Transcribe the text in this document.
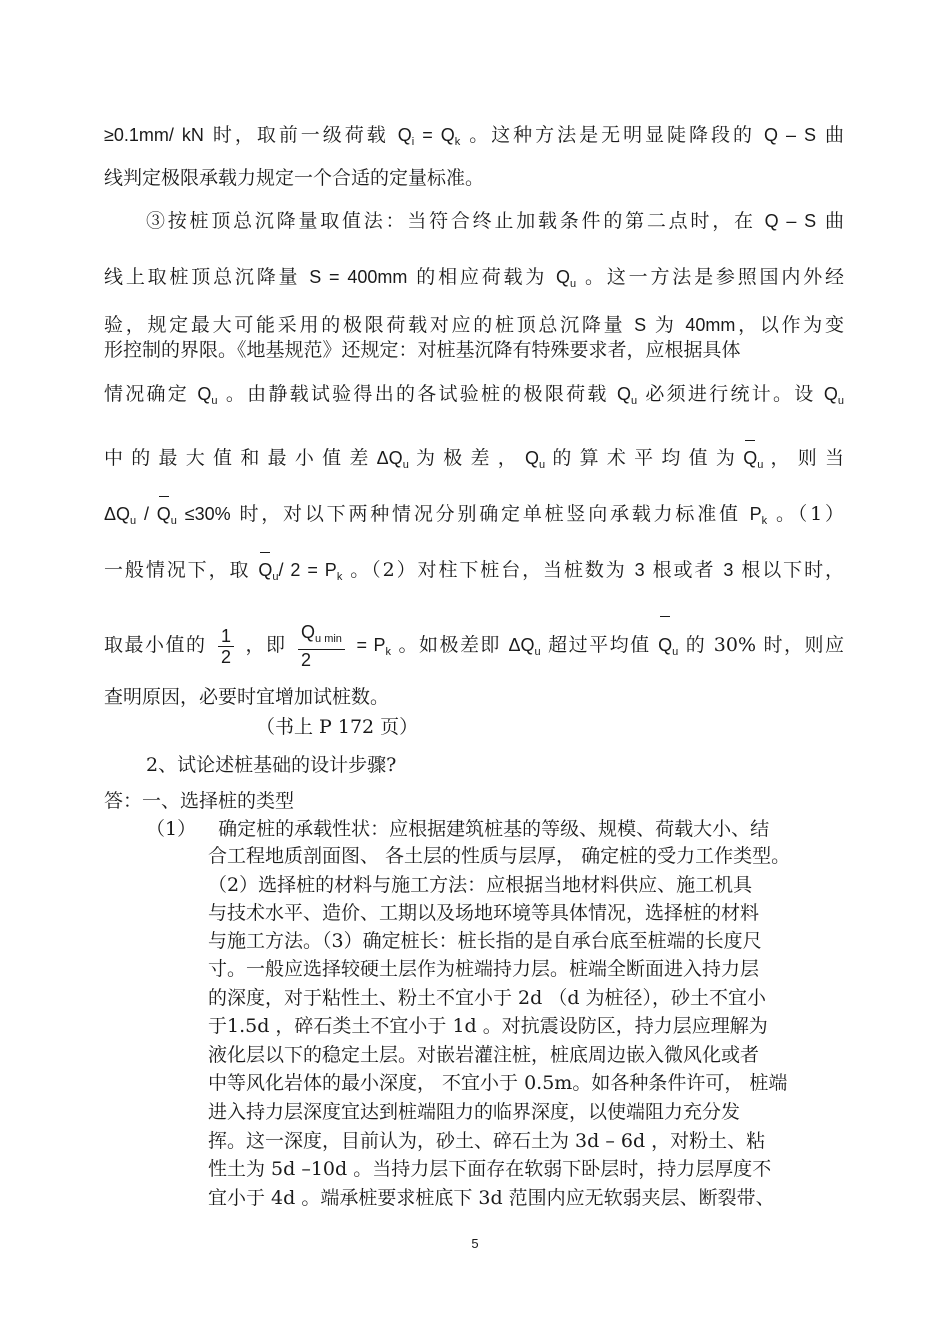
≥0.1mm/ kN 时，取前一级荷载 $Q_i = Q_k$ 。这种方法是无明显陡降段的 Q – S 曲
线判定极限承载力规定一个合适的定量标准。
③按桩顶总沉降量取值法：当符合终止加载条件的第二点时，在 Q – S 曲
线上取桩顶总沉降量 S = 400mm 的相应荷载为 $Q_u$ 。这一方法是参照国内外经
验，规定最大可能采用的极限荷载对应的桩顶总沉降量 S 为 40mm，以作为变
形控制的界限。《地基规范》还规定：对桩基沉降有特殊要求者，应根据具体
情况确定 $Q_u$ 。由静载试验得出的各试验桩的极限荷载 $Q_u$ 必须进行统计。设 $Q_u$
中 的 最 大 值 和 最 小 值 差 $\Delta Q_u$ 为 极 差 ， $Q_u$ 的 算 术 平 均 值 为 $Q_u$ ， 则 当
$\Delta Q_u / Q_u \le 30\%$ 时，对以下两种情况分别确定单桩竖向承载力标准值 $P_k$ 。（1）
一般情况下，取 $Q_u/$ $2 = P_k$ 。（2）对柱下桩台，当桩数为 3 根或者 3 根以下时，
取最小值的 $\frac{1}{2}$ ，即 $\frac{Q_{u min}}{2} = P_k$ 。如极差即 $\Delta Q_u$ 超过平均值 $Q_u$ 的 30% 时，则应
查明原因，必要时宜增加试桩数。
（书上 P 172 页）
2、试论述桩基础的设计步骤?
答：一、选择桩的类型
（1） 确定桩的承载性状：应根据建筑桩基的等级、规模、荷载大小、结
合工程地质剖面图、 各土层的性质与层厚， 确定桩的受力工作类型。
（2）选择桩的材料与施工方法：应根据当地材料供应、施工机具
与技术水平、造价、工期以及场地环境等具体情况，选择桩的材料
与施工方法。（3）确定桩长：桩长指的是自承台底至桩端的长度尺
寸。一般应选择较硬土层作为桩端持力层。桩端全断面进入持力层
的深度，对于粘性土、粉土不宜小于 2d （d 为桩径），砂土不宜小
于1.5d ，碎石类土不宜小于 1d 。对抗震设防区，持力层应理解为
液化层以下的稳定土层。对嵌岩灌注桩，桩底周边嵌入微风化或者
中等风化岩体的最小深度， 不宜小于 0.5m。如各种条件许可， 桩端
进入持力层深度宜达到桩端阻力的临界深度，以使端阻力充分发
挥。这一深度，目前认为，砂土、碎石土为 3d – 6d ，对粉土、粘
性土为 5d –10d 。当持力层下面存在软弱下卧层时，持力层厚度不
宜小于 4d 。端承桩要求桩底下 3d 范围内应无软弱夹层、断裂带、
5
